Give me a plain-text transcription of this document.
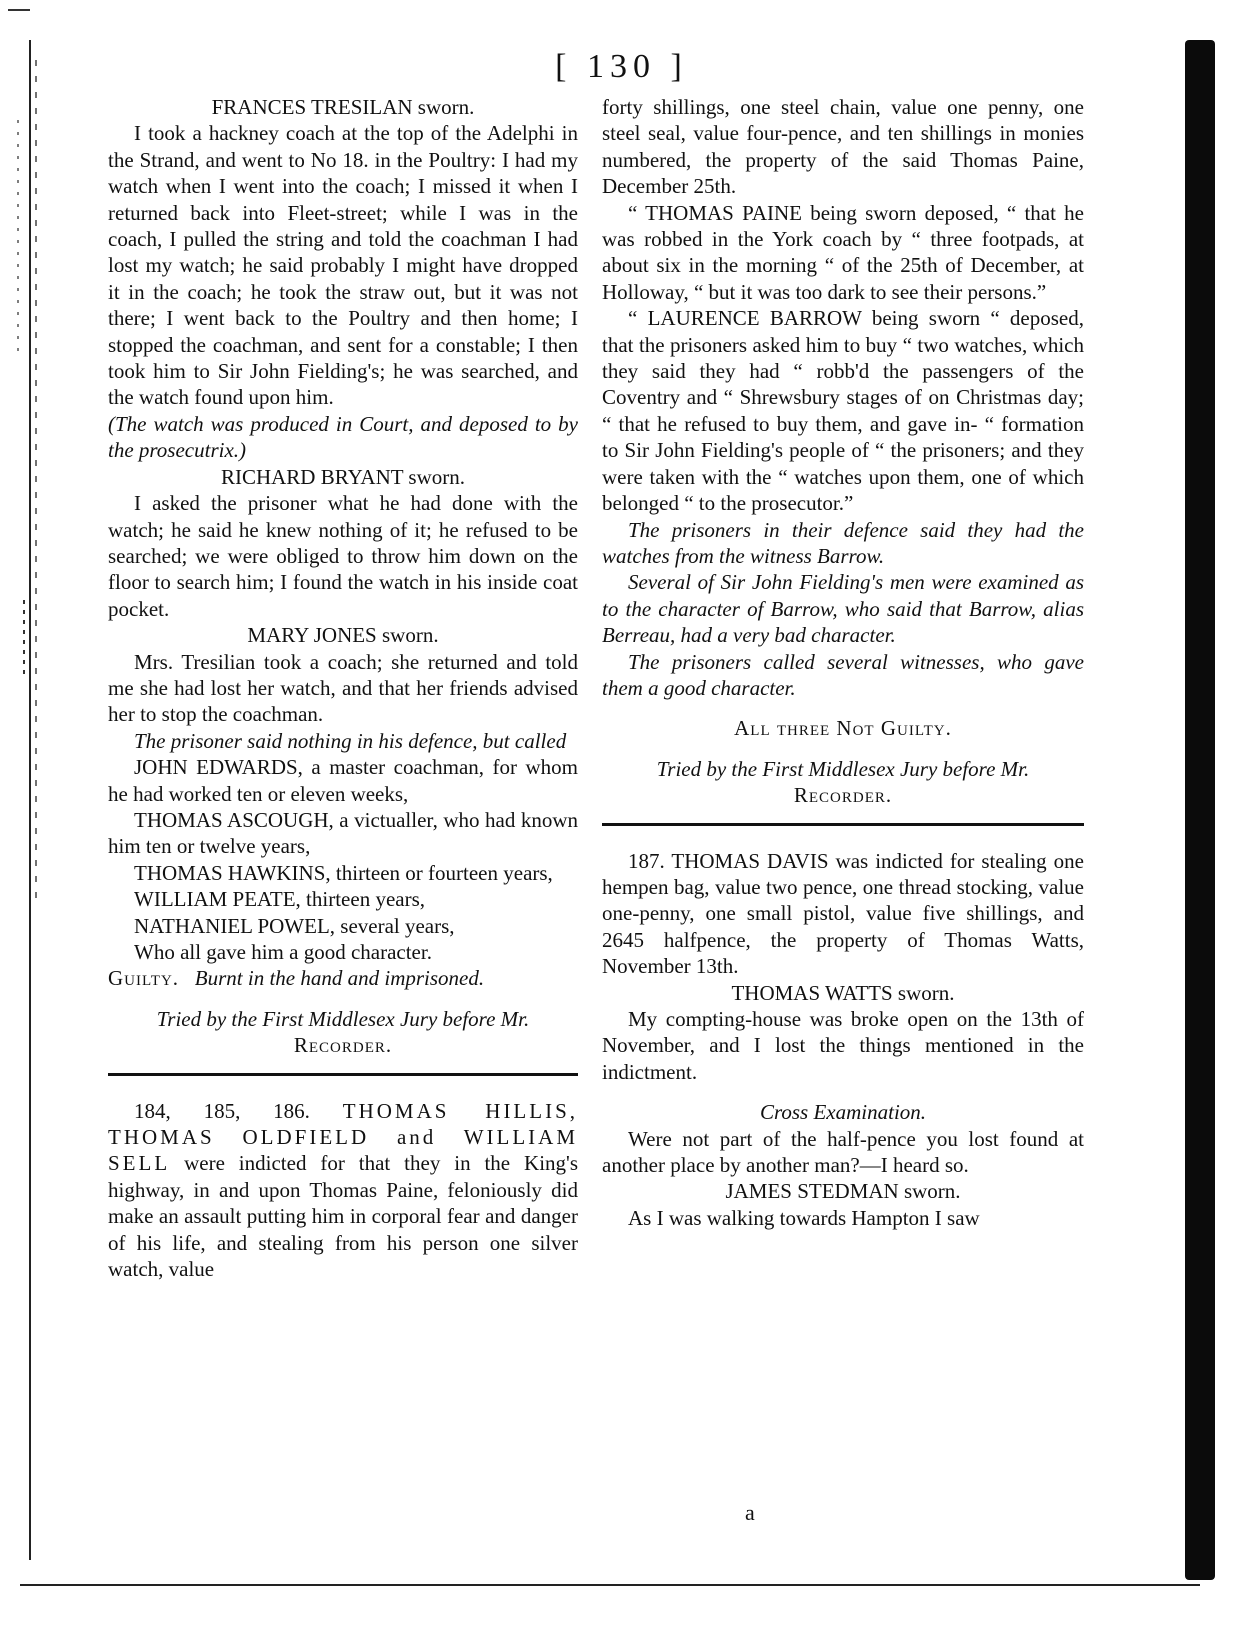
[ 130 ]

FRANCES TRESILAN sworn.

I took a hackney coach at the top of the Adelphi in the Strand, and went to No 18. in the Poultry: I had my watch when I went into the coach; I missed it when I returned back into Fleet-street; while I was in the coach, I pulled the string and told the coachman I had lost my watch; he said probably I might have dropped it in the coach; he took the straw out, but it was not there; I went back to the Poultry and then home; I stopped the coachman, and sent for a constable; I then took him to Sir John Fielding's; he was searched, and the watch found upon him.

(The watch was produced in Court, and deposed to by the prosecutrix.)

RICHARD BRYANT sworn.

I asked the prisoner what he had done with the watch; he said he knew nothing of it; he refused to be searched; we were obliged to throw him down on the floor to search him; I found the watch in his inside coat pocket.

MARY JONES sworn.

Mrs. Tresilian took a coach; she returned and told me she had lost her watch, and that her friends advised her to stop the coachman.

The prisoner said nothing in his defence, but called

JOHN EDWARDS, a master coachman, for whom he had worked ten or eleven weeks,

THOMAS ASCOUGH, a victualler, who had known him ten or twelve years,

THOMAS HAWKINS, thirteen or fourteen years,

WILLIAM PEATE, thirteen years,

NATHANIEL POWEL, several years,

Who all gave him a good character.

Guilty. Burnt in the hand and imprisoned.

Tried by the First Middlesex Jury before Mr.

Recorder.

184, 185, 186. THOMAS HILLIS, THOMAS OLDFIELD and WILLIAM SELL were indicted for that they in the King's highway, in and upon Thomas Paine, feloniously did make an assault putting him in corporal fear and danger of his life, and stealing from his person one silver watch, value

forty shillings, one steel chain, value one penny, one steel seal, value four-pence, and ten shillings in monies numbered, the property of the said Thomas Paine, December 25th.

“ THOMAS PAINE being sworn deposed, “ that he was robbed in the York coach by “ three footpads, at about six in the morning “ of the 25th of December, at Holloway, “ but it was too dark to see their persons.”

“ LAURENCE BARROW being sworn “ deposed, that the prisoners asked him to buy “ two watches, which they said they had “ robb'd the passengers of the Coventry and “ Shrewsbury stages of on Christmas day; “ that he refused to buy them, and gave in- “ formation to Sir John Fielding's people of “ the prisoners; and they were taken with the “ watches upon them, one of which belonged “ to the prosecutor.”

The prisoners in their defence said they had the watches from the witness Barrow.

Several of Sir John Fielding's men were examined as to the character of Barrow, who said that Barrow, alias Berreau, had a very bad character.

The prisoners called several witnesses, who gave them a good character.

All three Not Guilty.

Tried by the First Middlesex Jury before Mr.

Recorder.

187. THOMAS DAVIS was indicted for stealing one hempen bag, value two pence, one thread stocking, value one-penny, one small pistol, value five shillings, and 2645 halfpence, the property of Thomas Watts, November 13th.

THOMAS WATTS sworn.

My compting-house was broke open on the 13th of November, and I lost the things mentioned in the indictment.

Cross Examination.

Were not part of the half-pence you lost found at another place by another man?—I heard so.

JAMES STEDMAN sworn.

As I was walking towards Hampton I saw

a
